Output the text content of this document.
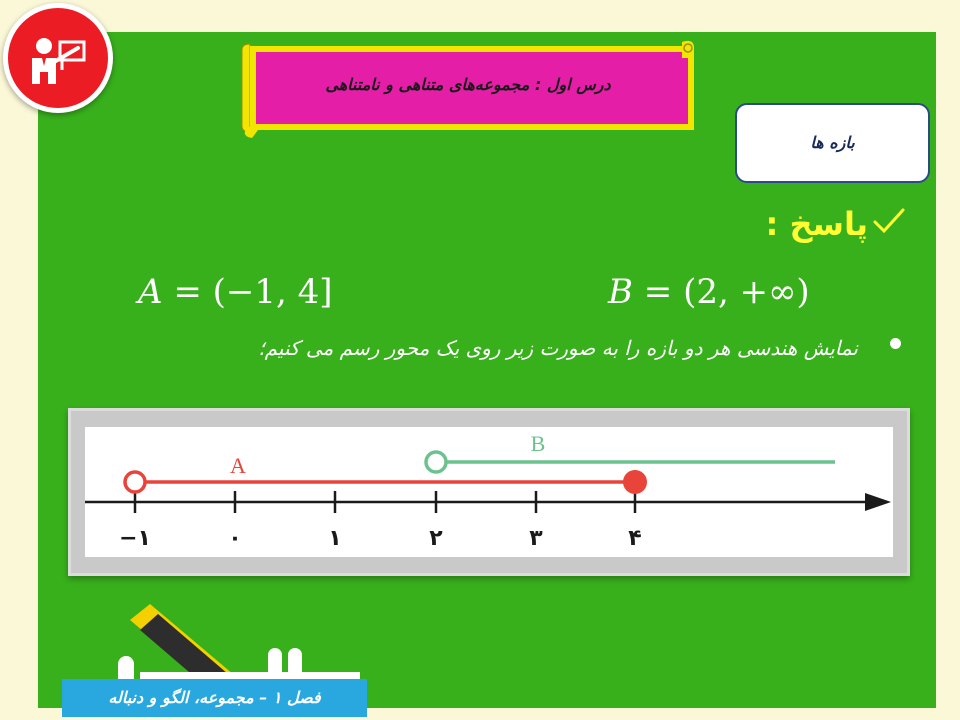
درس اول : مجموعه‌های متناهی و نامتناهی
بازه ها
پاسخ :
A = (−1, 4]	B = (2, +∞)
نمایش هندسی هر دو بازه را به صورت زیر روی یک محور رسم می کنیم؛
−۱	۰	۱	۲	۳	۴
A
B
فصل ۱ – مجموعه، الگو و دنباله
